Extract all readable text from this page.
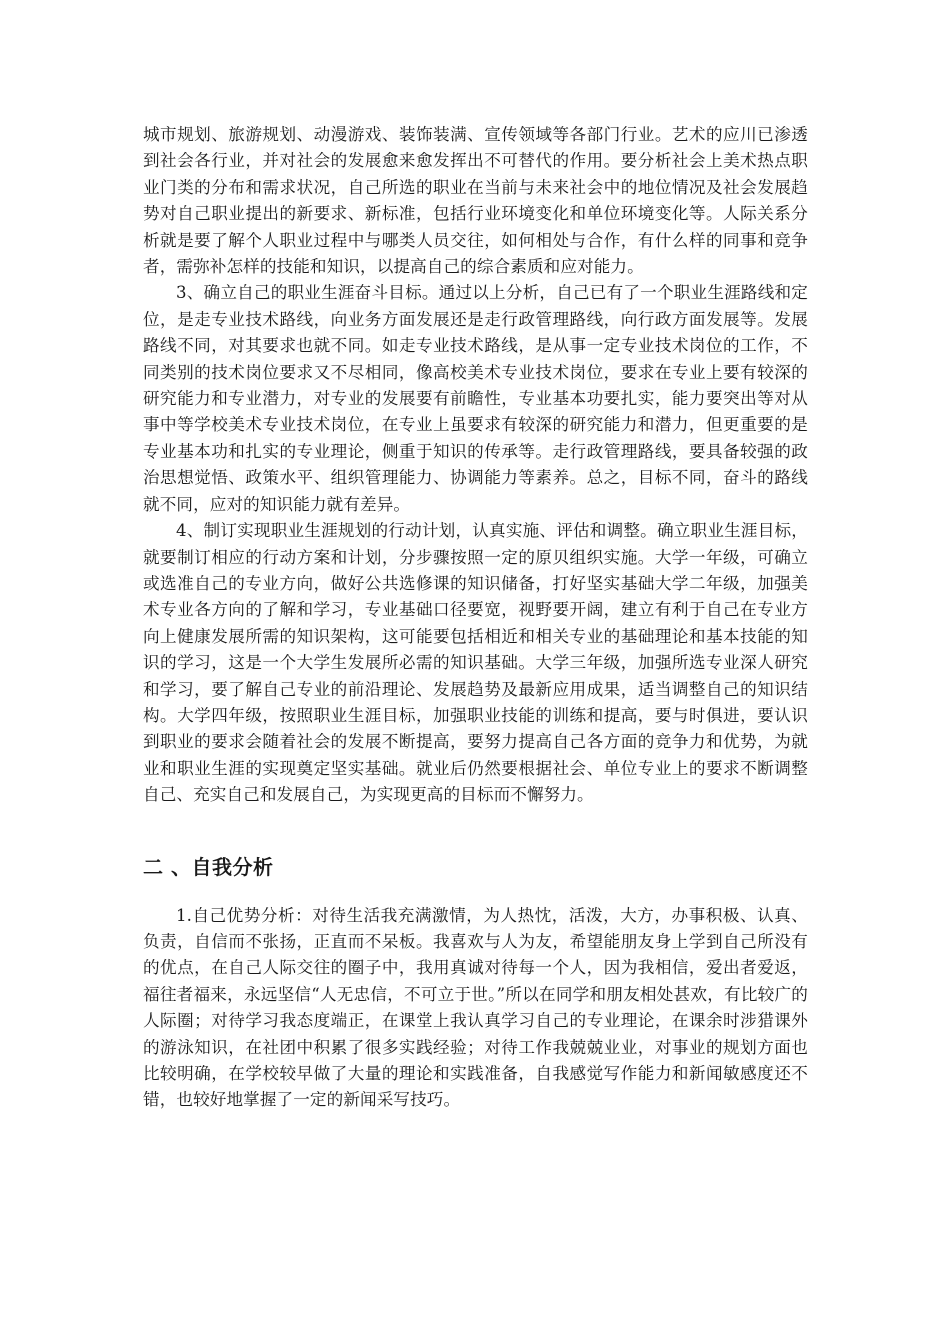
城市规划、旅游规划、动漫游戏、装饰装满、宣传领域等各部门行业。艺术的应川已渗透到社会各行业，并对社会的发展愈来愈发挥出不可替代的作用。要分析社会上美术热点职业门类的分布和需求状况，自己所选的职业在当前与未来社会中的地位情况及社会发展趋势对自己职业提出的新要求、新标准，包括行业环境变化和单位环境变化等。人际关系分析就是要了解个人职业过程中与哪类人员交往，如何相处与合作，有什么样的同事和竞争者，需弥补怎样的技能和知识，以提高自己的综合素质和应对能力。

3、确立自己的职业生涯奋斗目标。通过以上分析，自己已有了一个职业生涯路线和定位，是走专业技术路线，向业务方面发展还是走行政管理路线，向行政方面发展等。发展路线不同，对其要求也就不同。如走专业技术路线，是从事一定专业技术岗位的工作，不同类别的技术岗位要求又不尽相同，像高校美术专业技术岗位，要求在专业上要有较深的研究能力和专业潜力，对专业的发展要有前瞻性，专业基本功要扎实，能力要突出等对从事中等学校美术专业技术岗位，在专业上虽要求有较深的研究能力和潜力，但更重要的是专业基本功和扎实的专业理论，侧重于知识的传承等。走行政管理路线，要具备较强的政治思想觉悟、政策水平、组织管理能力、协调能力等素养。总之，目标不同，奋斗的路线就不同，应对的知识能力就有差异。

4、制订实现职业生涯规划的行动计划，认真实施、评估和调整。确立职业生涯目标，就要制订相应的行动方案和计划，分步骤按照一定的原贝组织实施。大学一年级，可确立或选准自己的专业方向，做好公共选修课的知识储备，打好坚实基础大学二年级，加强美术专业各方向的了解和学习，专业基础口径要宽，视野要开阔，建立有利于自己在专业方向上健康发展所需的知识架构，这可能要包括相近和相关专业的基础理论和基本技能的知识的学习，这是一个大学生发展所必需的知识基础。大学三年级，加强所选专业深人研究和学习，要了解自己专业的前沿理论、发展趋势及最新应用成果，适当调整自己的知识结构。大学四年级，按照职业生涯目标，加强职业技能的训练和提高，要与时俱进，要认识到职业的要求会随着社会的发展不断提高，要努力提高自己各方面的竞争力和优势，为就业和职业生涯的实现奠定坚实基础。就业后仍然要根据社会、单位专业上的要求不断调整自己、充实自己和发展自己，为实现更高的目标而不懈努力。

二 、自我分析

1.自己优势分析：对待生活我充满激情，为人热忱，活泼，大方，办事积极、认真、负责，自信而不张扬，正直而不呆板。我喜欢与人为友，希望能朋友身上学到自己所没有的优点，在自己人际交往的圈子中，我用真诚对待每一个人，因为我相信，爱出者爱返，福往者福来，永远坚信“人无忠信，不可立于世。”所以在同学和朋友相处甚欢，有比较广的人际圈；对待学习我态度端正，在课堂上我认真学习自己的专业理论，在课余时涉猎课外的游泳知识，在社团中积累了很多实践经验；对待工作我兢兢业业，对事业的规划方面也比较明确，在学校较早做了大量的理论和实践准备，自我感觉写作能力和新闻敏感度还不错，也较好地掌握了一定的新闻采写技巧。
